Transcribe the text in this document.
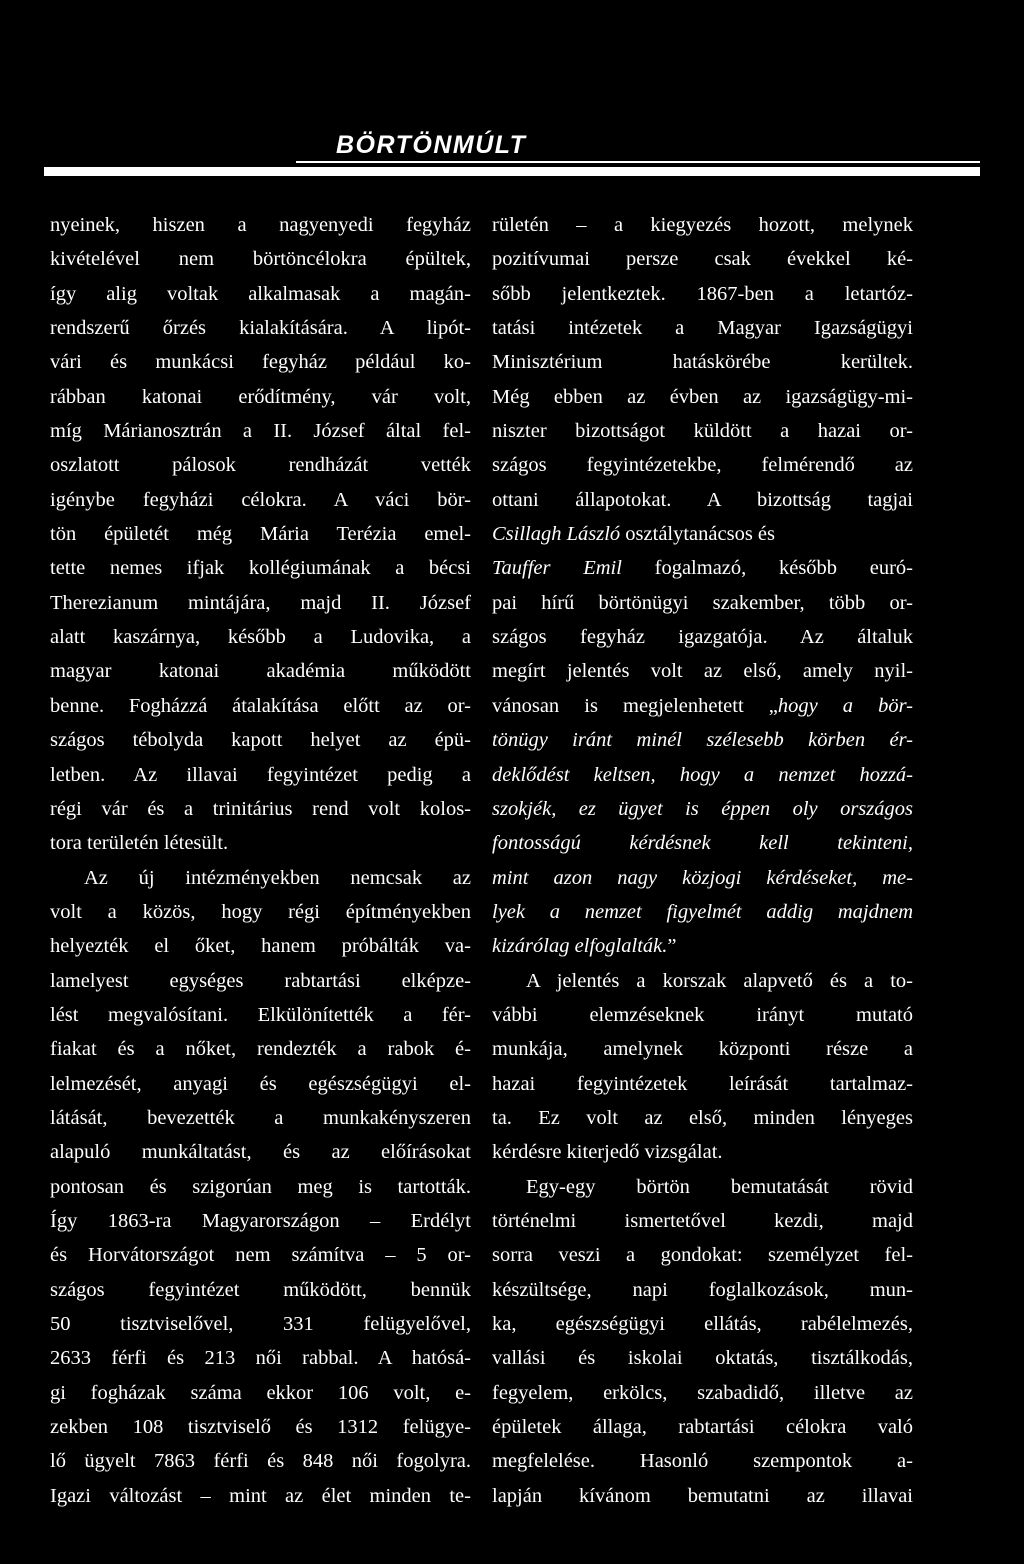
BÖRTÖNMÚLT
nyeinek, hiszen a nagyenyedi fegyház
kivételével nem börtöncélokra épültek,
így alig voltak alkalmasak a magán-
rendszerű őrzés kialakítására. A lipót-
vári és munkácsi fegyház például ko-
rábban katonai erődítmény, vár volt,
míg Márianosztrán a II. József által fel-
oszlatott pálosok rendházát vették
igénybe fegyházi célokra. A váci bör-
tön épületét még Mária Terézia emel-
tette nemes ifjak kollégiumának a bécsi
Therezianum mintájára, majd II. József
alatt kaszárnya, később a Ludovika, a
magyar katonai akadémia működött
benne. Fogházzá átalakítása előtt az or-
szágos tébolyda kapott helyet az épü-
letben. Az illavai fegyintézet pedig a
régi vár és a trinitárius rend volt kolos-
tora területén létesült.
Az új intézményekben nemcsak az
volt a közös, hogy régi építményekben
helyezték el őket, hanem próbálták va-
lamelyest egységes rabtartási elképze-
lést megvalósítani. Elkülönítették a fér-
fiakat és a nőket, rendezték a rabok é-
lelmezését, anyagi és egészségügyi el-
látását, bevezették a munkakényszeren
alapuló munkáltatást, és az előírásokat
pontosan és szigorúan meg is tartották.
Így 1863-ra Magyarországon – Erdélyt
és Horvátországot nem számítva – 5 or-
szágos fegyintézet működött, bennük
50 tisztviselővel, 331 felügyelővel,
2633 férfi és 213 női rabbal. A hatósá-
gi fogházak száma ekkor 106 volt, e-
zekben 108 tisztviselő és 1312 felügye-
lő ügyelt 7863 férfi és 848 női fogolyra.
Igazi változást – mint az élet minden te-
rületén – a kiegyezés hozott, melynek
pozitívumai persze csak évekkel ké-
sőbb jelentkeztek. 1867-ben a letartóz-
tatási intézetek a Magyar Igazságügyi
Minisztérium hatáskörébe kerültek.
Még ebben az évben az igazságügy-mi-
niszter bizottságot küldött a hazai or-
szágos fegyintézetekbe, felmérendő az
ottani állapotokat. A bizottság tagjai
Csillagh László osztálytanácsos és
Tauffer Emil fogalmazó, később euró-
pai hírű börtönügyi szakember, több or-
szágos fegyház igazgatója. Az általuk
megírt jelentés volt az első, amely nyil-
vánosan is megjelenhetett „hogy a bör-
tönügy iránt minél szélesebb körben ér-
deklődést keltsen, hogy a nemzet hozzá-
szokjék, ez ügyet is éppen oly országos
fontosságú kérdésnek kell tekinteni,
mint azon nagy közjogi kérdéseket, me-
lyek a nemzet figyelmét addig majdnem
kizárólag elfoglalták.”
A jelentés a korszak alapvető és a to-
vábbi elemzéseknek irányt mutató
munkája, amelynek központi része a
hazai fegyintézetek leírását tartalmaz-
ta. Ez volt az első, minden lényeges
kérdésre kiterjedő vizsgálat.
Egy-egy börtön bemutatását rövid
történelmi ismertetővel kezdi, majd
sorra veszi a gondokat: személyzet fel-
készültsége, napi foglalkozások, mun-
ka, egészségügyi ellátás, rabélelmezés,
vallási és iskolai oktatás, tisztálkodás,
fegyelem, erkölcs, szabadidő, illetve az
épületek állaga, rabtartási célokra való
megfelelése. Hasonló szempontok a-
lapján kívánom bemutatni az illavai
